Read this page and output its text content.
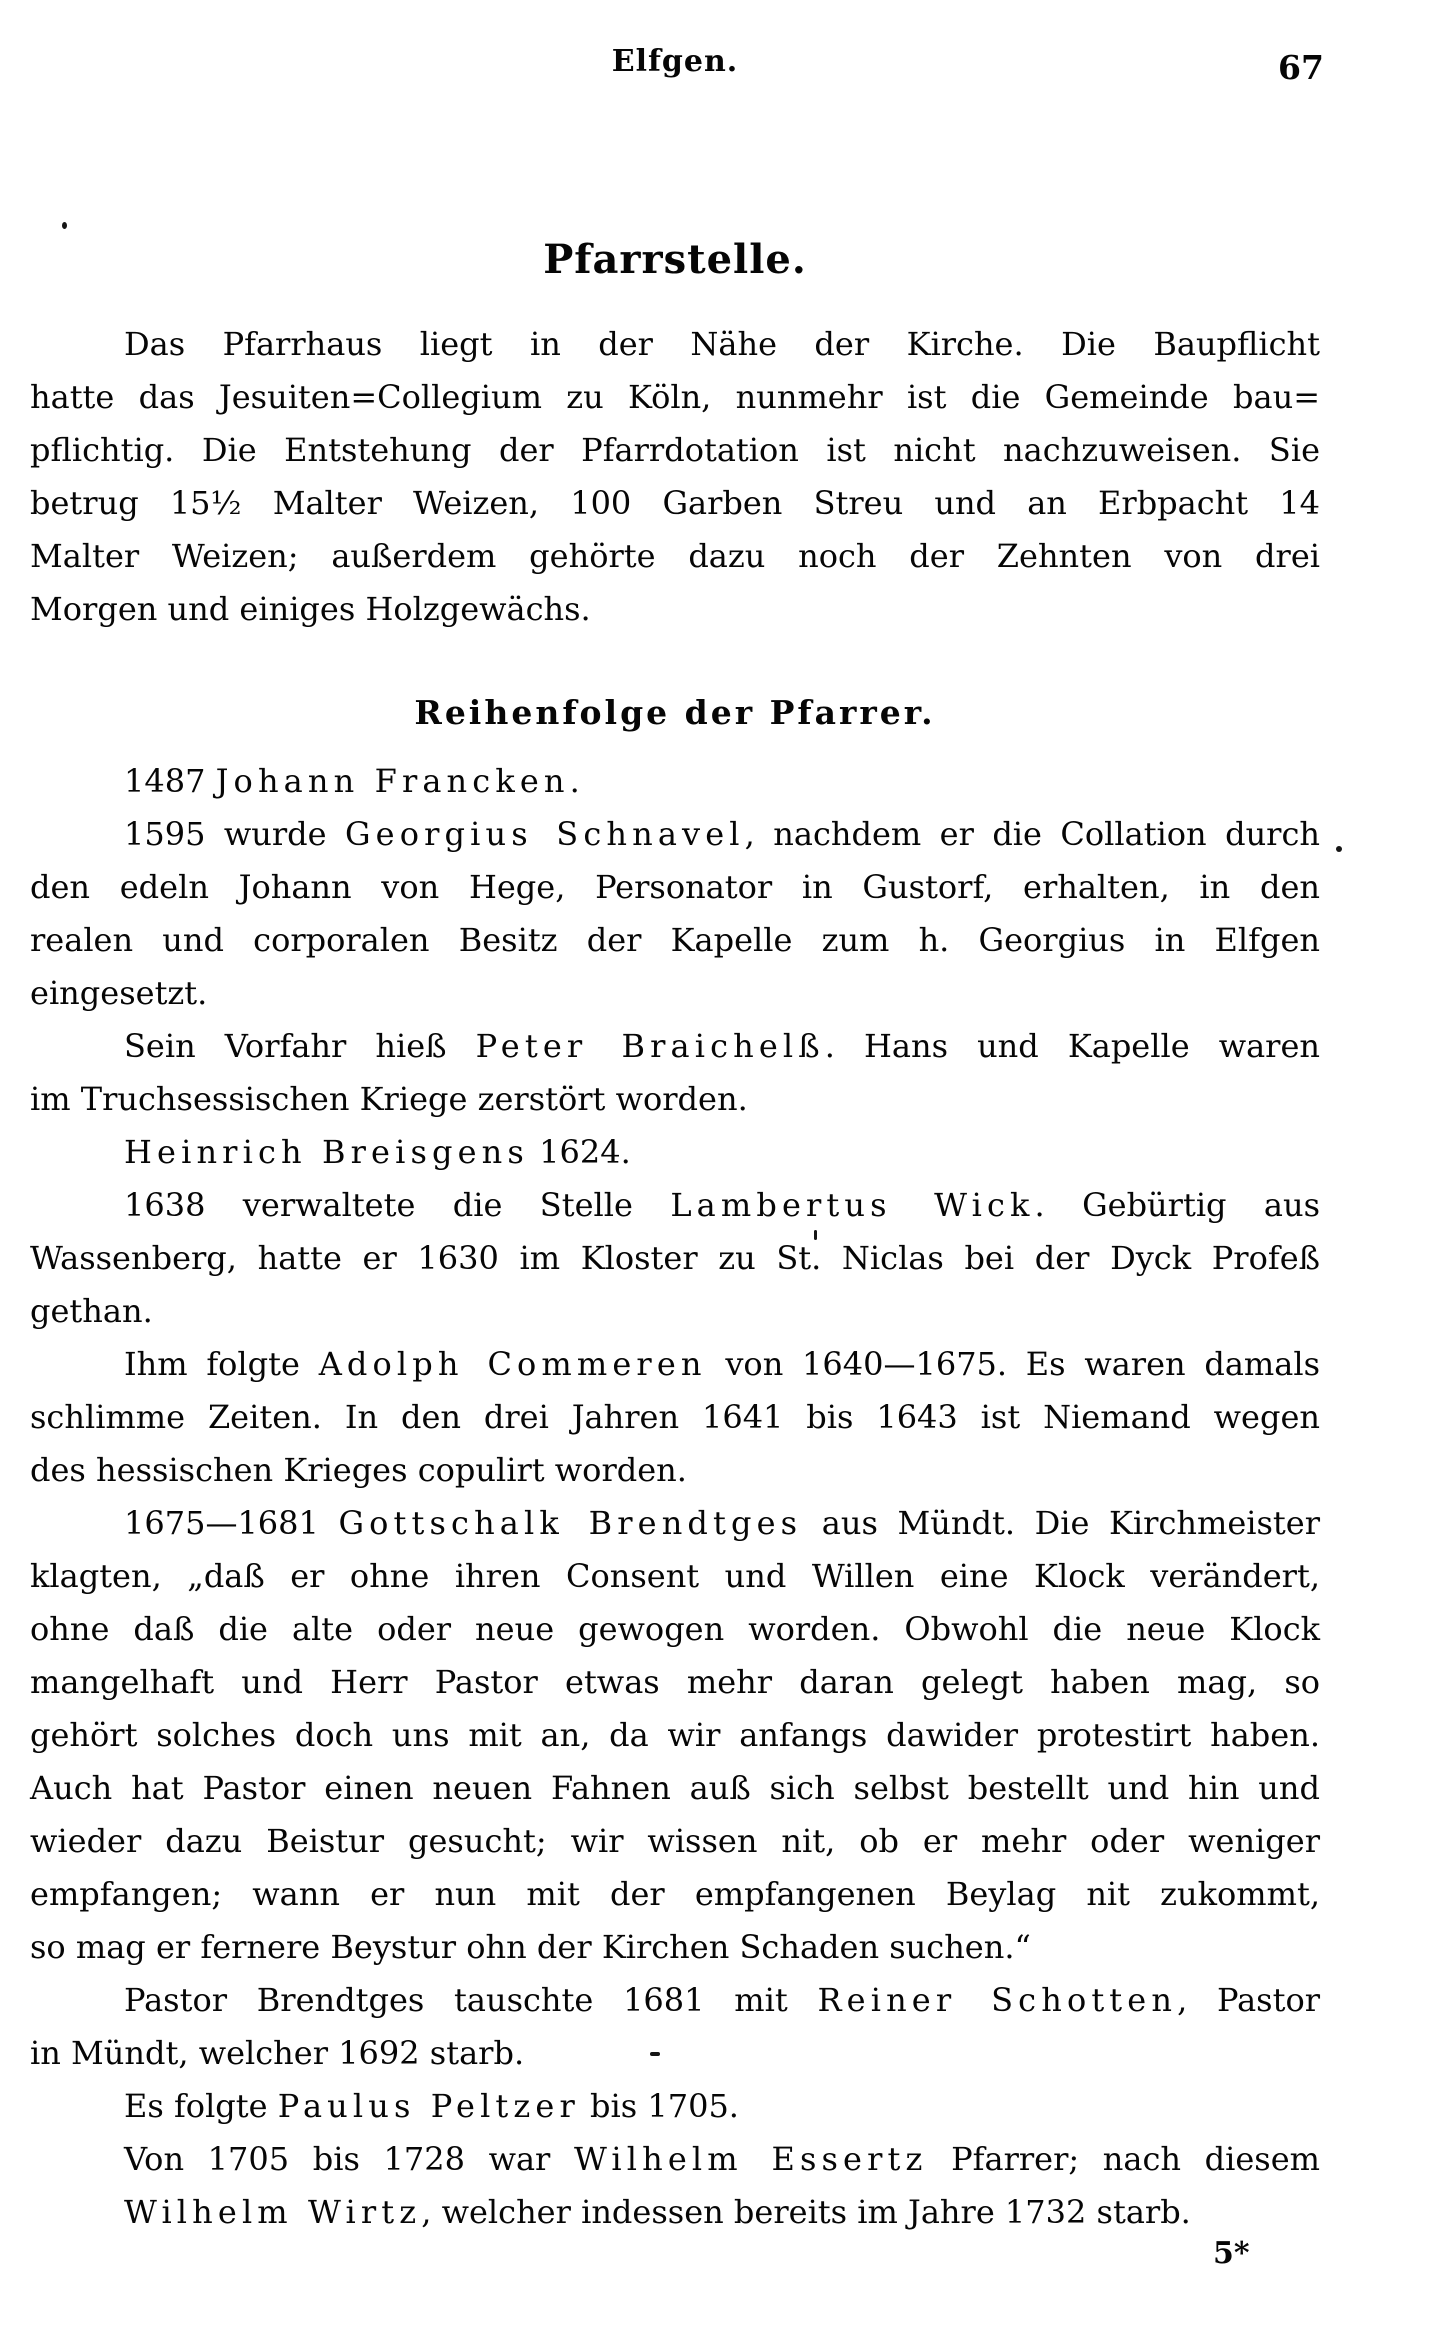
Elfgen.	67
Pfarrstelle.
Das Pfarrhaus liegt in der Nähe der Kirche. Die Baupflicht
hatte das Jesuiten=Collegium zu Köln, nunmehr ist die Gemeinde bau=
pflichtig. Die Entstehung der Pfarrdotation ist nicht nachzuweisen. Sie
betrug 15½ Malter Weizen, 100 Garben Streu und an Erbpacht 14
Malter Weizen; außerdem gehörte dazu noch der Zehnten von drei
Morgen und einiges Holzgewächs.
Reihenfolge der Pfarrer.
1487 Johann Francken.
1595 wurde Georgius Schnavel, nachdem er die Collation durch
den edeln Johann von Hege, Personator in Gustorf, erhalten, in den
realen und corporalen Besitz der Kapelle zum h. Georgius in Elfgen
eingesetzt.
Sein Vorfahr hieß Peter Braichelß. Hans und Kapelle waren
im Truchsessischen Kriege zerstört worden.
Heinrich Breisgens 1624.
1638 verwaltete die Stelle Lambertus Wick. Gebürtig aus
Wassenberg, hatte er 1630 im Kloster zu St. Niclas bei der Dyck Profeß
gethan.
Ihm folgte Adolph Commeren von 1640—1675. Es waren damals
schlimme Zeiten. In den drei Jahren 1641 bis 1643 ist Niemand wegen
des hessischen Krieges copulirt worden.
1675—1681 Gottschalk Brendtges aus Mündt. Die Kirchmeister
klagten, „daß er ohne ihren Consent und Willen eine Klock verändert,
ohne daß die alte oder neue gewogen worden. Obwohl die neue Klock
mangelhaft und Herr Pastor etwas mehr daran gelegt haben mag, so
gehört solches doch uns mit an, da wir anfangs dawider protestirt haben.
Auch hat Pastor einen neuen Fahnen auß sich selbst bestellt und hin und
wieder dazu Beistur gesucht; wir wissen nit, ob er mehr oder weniger
empfangen; wann er nun mit der empfangenen Beylag nit zukommt,
so mag er fernere Beystur ohn der Kirchen Schaden suchen.“
Pastor Brendtges tauschte 1681 mit Reiner Schotten, Pastor
in Mündt, welcher 1692 starb.
Es folgte Paulus Peltzer bis 1705.
Von 1705 bis 1728 war Wilhelm Essertz Pfarrer; nach diesem
Wilhelm Wirtz, welcher indessen bereits im Jahre 1732 starb.
5*
